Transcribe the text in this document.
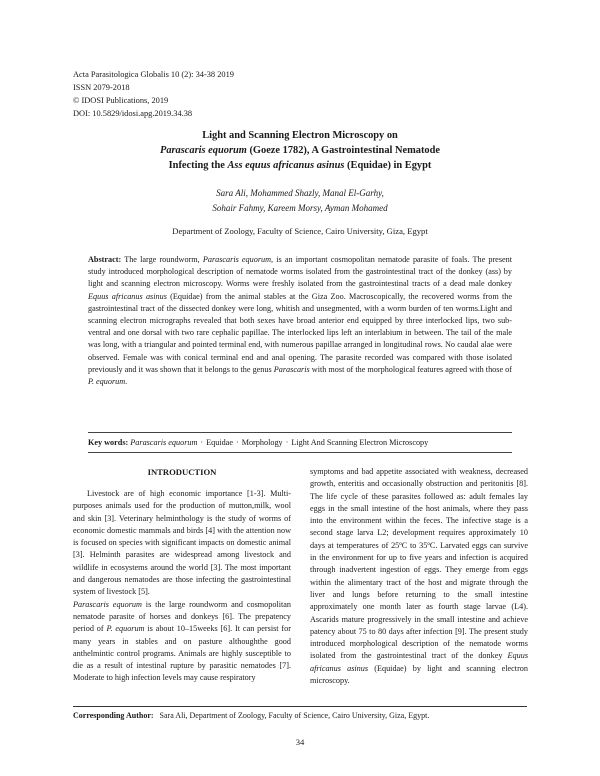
Acta Parasitologica Globalis 10 (2): 34-38 2019
ISSN 2079-2018
© IDOSI Publications, 2019
DOI: 10.5829/idosi.apg.2019.34.38
Light and Scanning Electron Microscopy on
Parascaris equorum (Goeze 1782), A Gastrointestinal Nematode
Infecting the Ass equus africanus asinus (Equidae) in Egypt
Sara Ali, Mohammed Shazly, Manal El-Garhy,
Sohair Fahmy, Kareem Morsy, Ayman Mohamed
Department of Zoology, Faculty of Science, Cairo University, Giza, Egypt
Abstract: The large roundworm, Parascaris equorum, is an important cosmopolitan nematode parasite of foals. The present study introduced morphological description of nematode worms isolated from the gastrointestinal tract of the donkey (ass) by light and scanning electron microscopy. Worms were freshly isolated from the gastrointestinal tracts of a dead male donkey Equus africanus asinus (Equidae) from the animal stables at the Giza Zoo. Macroscopically, the recovered worms from the gastrointestinal tract of the dissected donkey were long, whitish and unsegmented, with a worm burden of ten worms.Light and scanning electron micrographs revealed that both sexes have broad anterior end equipped by three interlocked lips, two sub-ventral and one dorsal with two rare cephalic papillae. The interlocked lips left an interlabium in between. The tail of the male was long, with a triangular and pointed terminal end, with numerous papillae arranged in longitudinal rows. No caudal alae were observed. Female was with conical terminal end and anal opening. The parasite recorded was compared with those isolated previously and it was shown that it belongs to the genus Parascaris with most of the morphological features agreed with those of P. equorum.
Key words: Parascaris equorum · Equidae · Morphology · Light And Scanning Electron Microscopy
INTRODUCTION

Livestock are of high economic importance [1-3]. Multi-purposes animals used for the production of mutton,milk, wool and skin [3]. Veterinary helminthology is the study of worms of economic domestic mammals and birds [4] with the attention now is focused on species with significant impacts on domestic animal [3]. Helminth parasites are widespread among livestock and wildlife in ecosystems around the world [3]. The most important and dangerous nematodes are those infecting the gastrointestinal system of livestock [5].

Parascaris equorum is the large roundworm and cosmopolitan nematode parasite of horses and donkeys [6]. The prepatency period of P. equorum is about 10–15weeks [6]. It can persist for many years in stables and on pasture althoughthe good anthelmintic control programs. Animals are highly susceptible to die as a result of intestinal rupture by parasitic nematodes [7]. Moderate to high infection levels may cause respiratory

symptoms and bad appetite associated with weakness, decreased growth, enteritis and occasionally obstruction and peritonitis [8]. The life cycle of these parasites followed as: adult females lay eggs in the small intestine of the host animals, where they pass into the environment within the feces. The infective stage is a second stage larva L2; development requires approximately 10 days at temperatures of 25ºC to 35ºC. Larvated eggs can survive in the environment for up to five years and infection is acquired through inadvertent ingestion of eggs. They emerge from eggs within the alimentary tract of the host and migrate through the liver and lungs before returning to the small intestine approximately one month later as fourth stage larvae (L4). Ascarids mature progressively in the small intestine and achieve patency about 75 to 80 days after infection [9]. The present study introduced morphological description of the nematode worms isolated from the gastrointestinal tract of the donkey Equus africanus asinus (Equidae) by light and scanning electron microscopy.

Corresponding Author: Sara Ali, Department of Zoology, Faculty of Science, Cairo University, Giza, Egypt.
34
